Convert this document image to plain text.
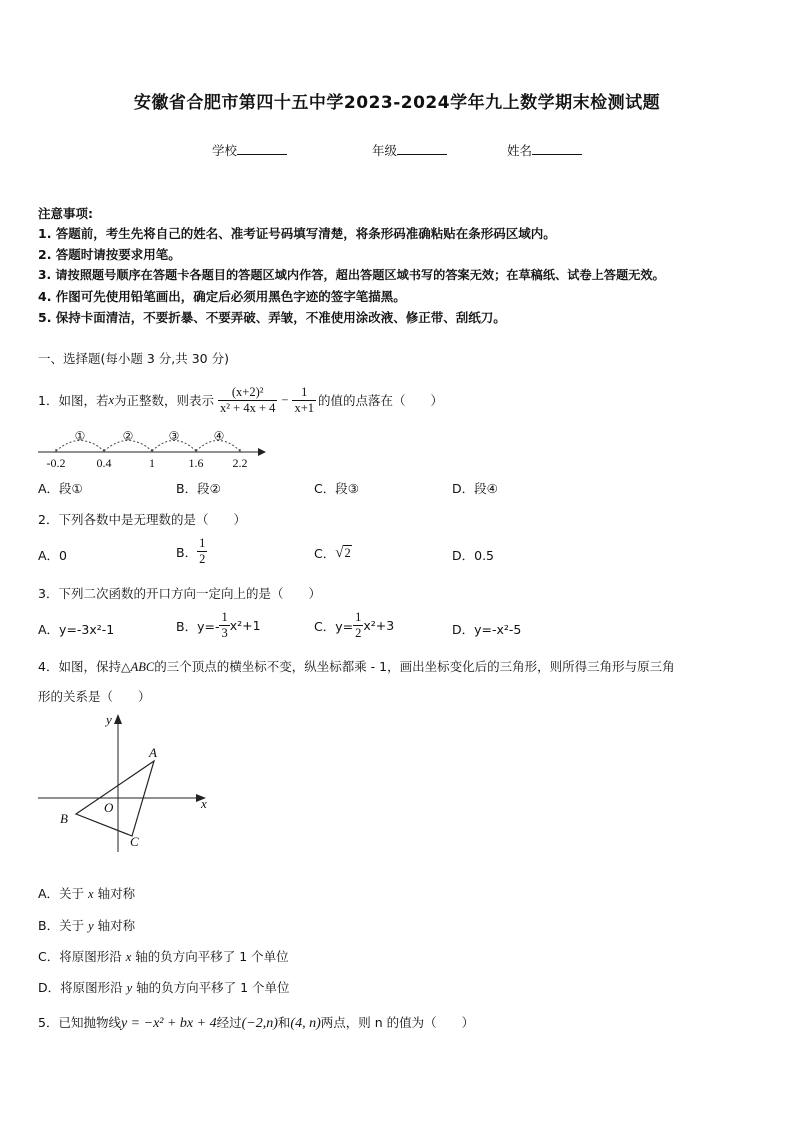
安徽省合肥市第四十五中学2023-2024学年九上数学期末检测试题
学校	年级	姓名
注意事项:
1. 答题前，考生先将自己的姓名、准考证号码填写清楚，将条形码准确粘贴在条形码区域内。
2. 答题时请按要求用笔。
3. 请按照题号顺序在答题卡各题目的答题区域内作答，超出答题区域书写的答案无效；在草稿纸、试卷上答题无效。
4. 作图可先使用铅笔画出，确定后必须用黑色字迹的签字笔描黑。
5. 保持卡面清洁，不要折暴、不要弄破、弄皱，不准使用涂改液、修正带、刮纸刀。
一、选择题(每小题 3 分,共 30 分)
1．如图，若 x 为正整数，则表示 $\frac{\text{(x+2)²}}{\text{x² + 4x + 4}} - \frac{1}{x+1}$ 的值的点落在（　　）
①	②	③	④
-0.2	0.4	1	1.6 2.2
A．段①	B．段②	C．段③	D．段④
2．下列各数中是无理数的是（　　）
A．0	B． $\frac{1}{2}$	C． √ 2	D．0.5
3．下列二次函数的开口方向一定向上的是（　　）
A．y=-3x²-1	B．$y=- \frac{1}{3} x^2+1$	C．$y= \frac{1}{2} x^2+3$	D．y=-x²-5
4．如图，保持△ABC的三个顶点的横坐标不变，纵坐标都乘 - 1，画出坐标变化后的三角形，则所得三角形与原三角
形的关系是（　　）
y
x
O
A
B
C
A．关于 x 轴对称
B．关于 y 轴对称
C．将原图形沿 x 轴的负方向平移了 1 个单位
D．将原图形沿 y 轴的负方向平移了 1 个单位
5．已知抛物线y = −x² + bx + 4经过(−2,n)和(4, n)两点，则 n 的值为（　　）
